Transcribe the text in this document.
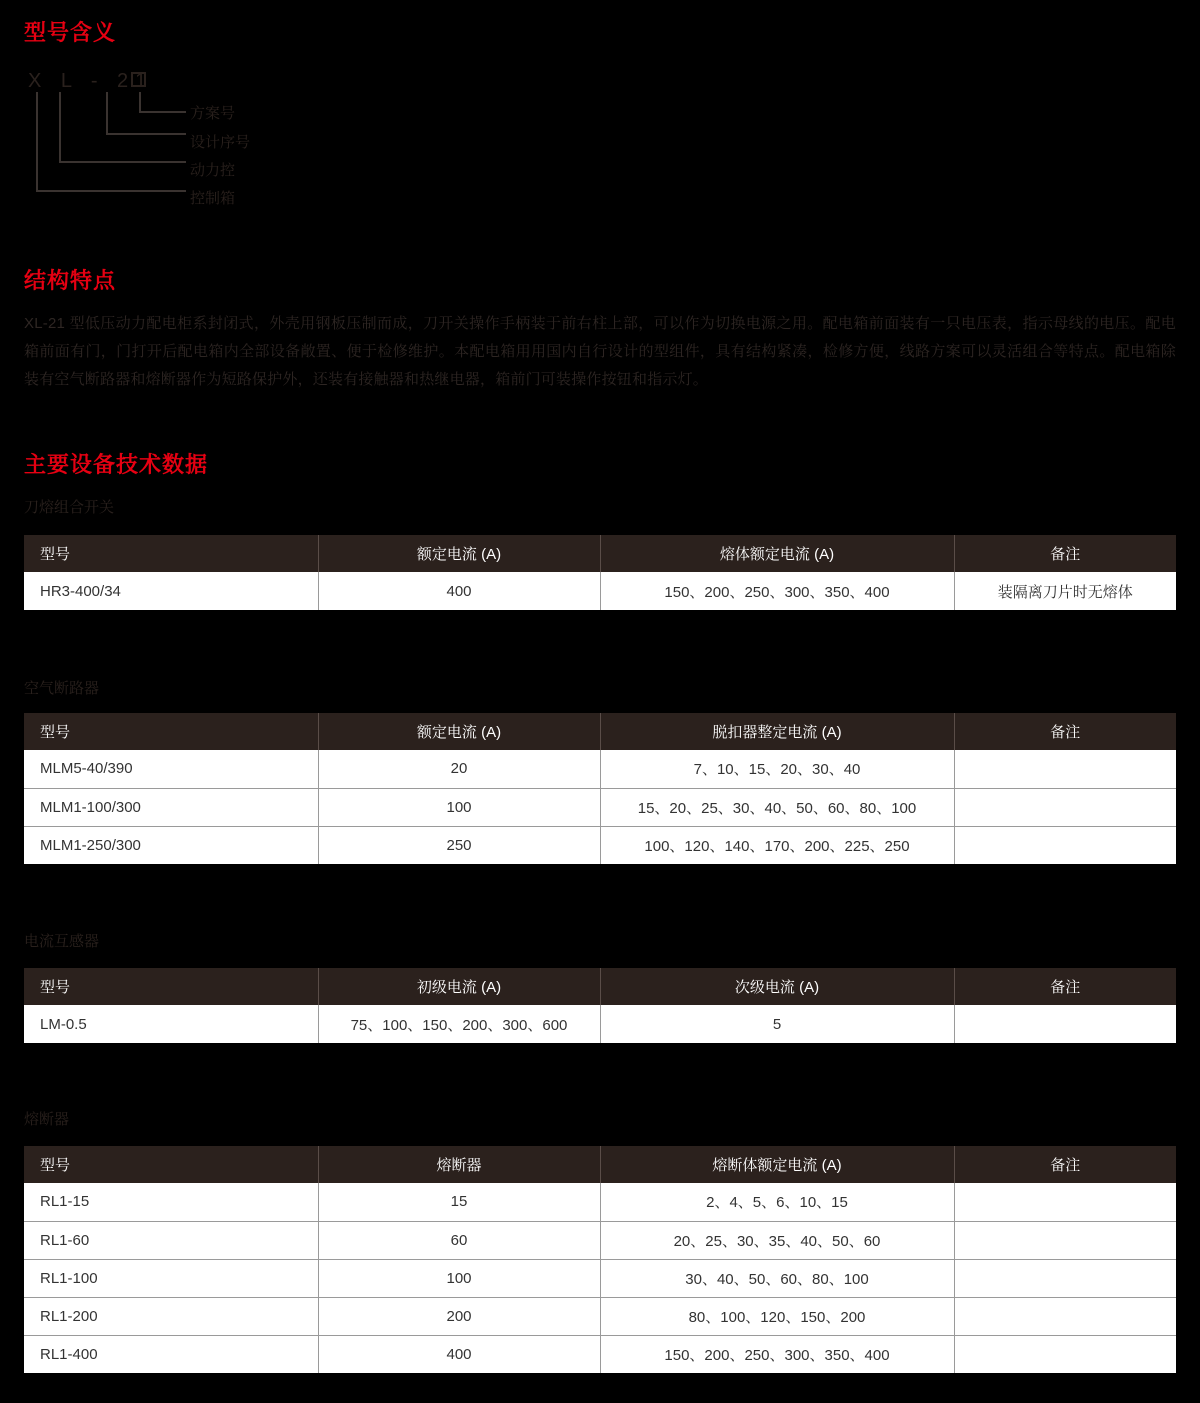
型号含义
X L - 21
方案号
设计序号
动力控
控制箱
结构特点
XL-21 型低压动力配电柜系封闭式，外壳用钢板压制而成，刀开关操作手柄装于前右柱上部，可以作为切换电源之用。配电箱前面装有一只电压表，指示母线的电压。配电箱前面有门，门打开后配电箱内全部设备敞置、便于检修维护。本配电箱用用国内自行设计的型组件，具有结构紧凑，检修方便，线路方案可以灵活组合等特点。配电箱除装有空气断路器和熔断器作为短路保护外，还装有接触器和热继电器，箱前门可装操作按钮和指示灯。
主要设备技术数据
刀熔组合开关
型号	额定电流 (A)	熔体额定电流 (A)	备注
HR3-400/34	400	150、200、250、300、350、400	装隔离刀片时无熔体
空气断路器
型号	额定电流 (A)	脱扣器整定电流 (A)	备注
MLM5-40/390	20	7、10、15、20、30、40	
MLM1-100/300	100	15、20、25、30、40、50、60、80、100	
MLM1-250/300	250	100、120、140、170、200、225、250	
电流互感器
型号	初级电流 (A)	次级电流 (A)	备注
LM-0.5	75、100、150、200、300、600	5	
熔断器
型号	熔断器	熔断体额定电流 (A)	备注
RL1-15	15	2、4、5、6、10、15	
RL1-60	60	20、25、30、35、40、50、60	
RL1-100	100	30、40、50、60、80、100	
RL1-200	200	80、100、120、150、200	
RL1-400	400	150、200、250、300、350、400	
